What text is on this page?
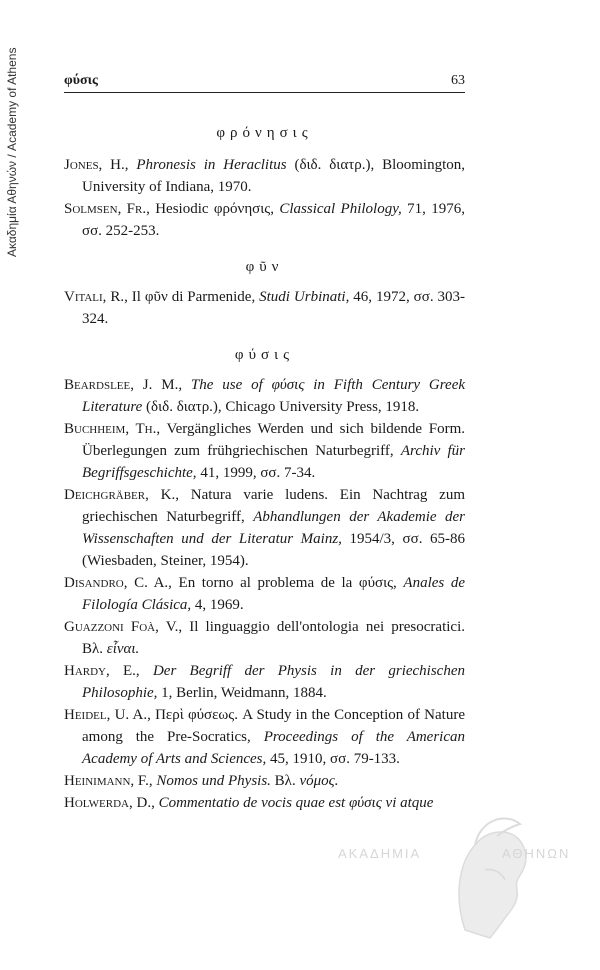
Ακαδημία Αθηνών / Academy of Athens	φύσις	63

φρόνησις

Jones, H., Phronesis in Heraclitus (διδ. διατρ.), Bloomington, University of Indiana, 1970.

Solmsen, Fr., Hesiodic φρόνησις, Classical Philology, 71, 1976, σσ. 252-253.

φῦν

Vitali, R., Il φῦν di Parmenide, Studi Urbinati, 46, 1972, σσ. 303-324.

φύσις

Beardslee, J. M., The use of φύσις in Fifth Century Greek Literature (διδ. διατρ.), Chicago University Press, 1918.

Buchheim, Th., Vergängliches Werden und sich bildende Form. Überlegungen zum frühgriechischen Naturbegriff, Archiv für Begriffsgeschichte, 41, 1999, σσ. 7-34.

Deichgräber, K., Natura varie ludens. Ein Nachtrag zum griechischen Naturbegriff, Abhandlungen der Akademie der Wissenschaften und der Literatur Mainz, 1954/3, σσ. 65-86 (Wiesbaden, Steiner, 1954).

Disandro, C. A., En torno al problema de la φύσις, Anales de Filología Clásica, 4, 1969.

Guazzoni Foà, V., Il linguaggio dell'ontologia nei presocratici. Βλ. εἶναι.

Hardy, E., Der Begriff der Physis in der griechischen Philosophie, 1, Berlin, Weidmann, 1884.

Heidel, U. A., Περὶ φύσεως. A Study in the Conception of Nature among the Pre-Socratics, Proceedings of the American Academy of Arts and Sciences, 45, 1910, σσ. 79-133.

Heinimann, F., Nomos und Physis. Βλ. νόμος.

Holwerda, D., Commentatio de vocis quae est φύσις vi atque

ΑΚΑΔΗΜΙΑ	ΑΘΗΝΩΝ
